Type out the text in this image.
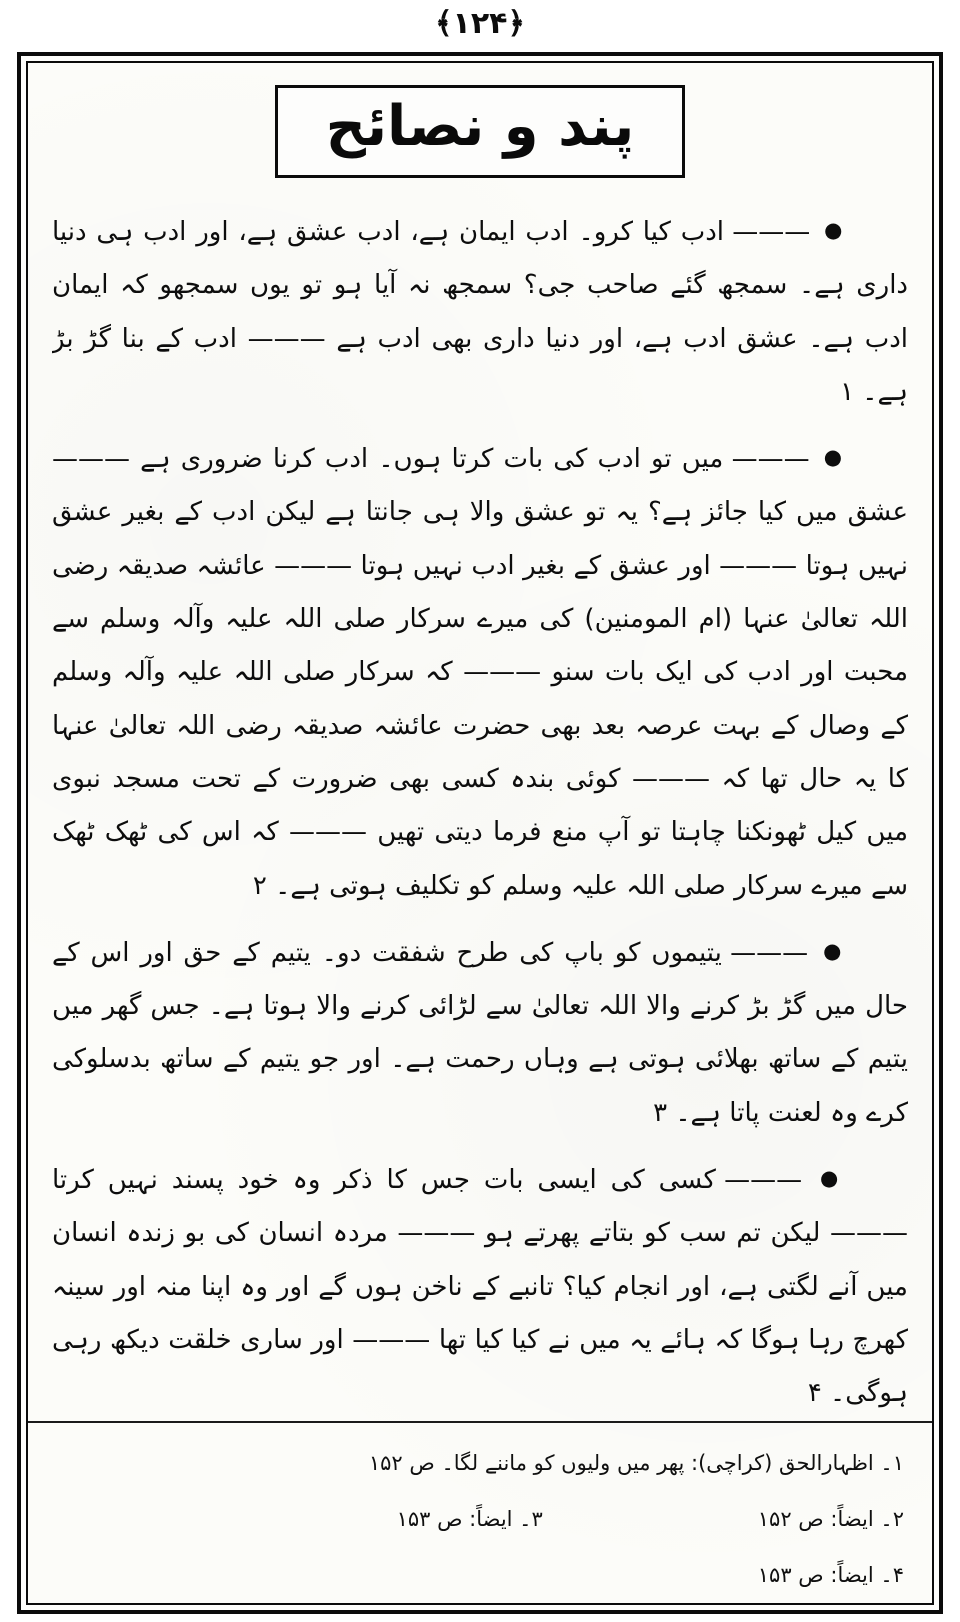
﴿۱۲۴﴾
پند و نصائح

● ——— ادب کیا کرو۔ ادب ایمان ہے، ادب عشق ہے، اور ادب ہی دنیا داری ہے۔ سمجھ گئے صاحب جی؟ سمجھ نہ آیا ہو تو یوں سمجھو کہ ایمان ادب ہے۔ عشق ادب ہے، اور دنیا داری بھی ادب ہے ——— ادب کے بنا گڑ بڑ ہے۔ ۱

● ——— میں تو ادب کی بات کرتا ہوں۔ ادب کرنا ضروری ہے ——— عشق میں کیا جائز ہے؟ یہ تو عشق والا ہی جانتا ہے لیکن ادب کے بغیر عشق نہیں ہوتا ——— اور عشق کے بغیر ادب نہیں ہوتا ——— عائشہ صدیقہ رضی اللہ تعالیٰ عنہا (ام المومنین) کی میرے سرکار صلی اللہ علیہ وآلہ وسلم سے محبت اور ادب کی ایک بات سنو ——— کہ سرکار صلی اللہ علیہ وآلہ وسلم کے وصال کے بہت عرصہ بعد بھی حضرت عائشہ صدیقہ رضی اللہ تعالیٰ عنہا کا یہ حال تھا کہ ——— کوئی بندہ کسی بھی ضرورت کے تحت مسجد نبوی میں کیل ٹھونکنا چاہتا تو آپ منع فرما دیتی تھیں ——— کہ اس کی ٹھک ٹھک سے میرے سرکار صلی اللہ علیہ وسلم کو تکلیف ہوتی ہے۔ ۲

● ——— یتیموں کو باپ کی طرح شفقت دو۔ یتیم کے حق اور اس کے حال میں گڑ بڑ کرنے والا اللہ تعالیٰ سے لڑائی کرنے والا ہوتا ہے۔ جس گھر میں یتیم کے ساتھ بھلائی ہوتی ہے وہاں رحمت ہے۔ اور جو یتیم کے ساتھ بدسلوکی کرے وہ لعنت پاتا ہے۔ ۳

● ——— کسی کی ایسی بات جس کا ذکر وہ خود پسند نہیں کرتا ——— لیکن تم سب کو بتاتے پھرتے ہو ——— مردہ انسان کی بو زندہ انسان میں آنے لگتی ہے، اور انجام کیا؟ تانبے کے ناخن ہوں گے اور وہ اپنا منہ اور سینہ کھرچ رہا ہوگا کہ ہائے یہ میں نے کیا کیا تھا ——— اور ساری خلقت دیکھ رہی ہوگی۔ ۴

۱۔ اظہارالحق (کراچی): پھر میں ولیوں کو ماننے لگا۔ ص ۱۵۲
۲۔ ایضاً: ص ۱۵۲
۳۔ ایضاً: ص ۱۵۳
۴۔ ایضاً: ص ۱۵۳
